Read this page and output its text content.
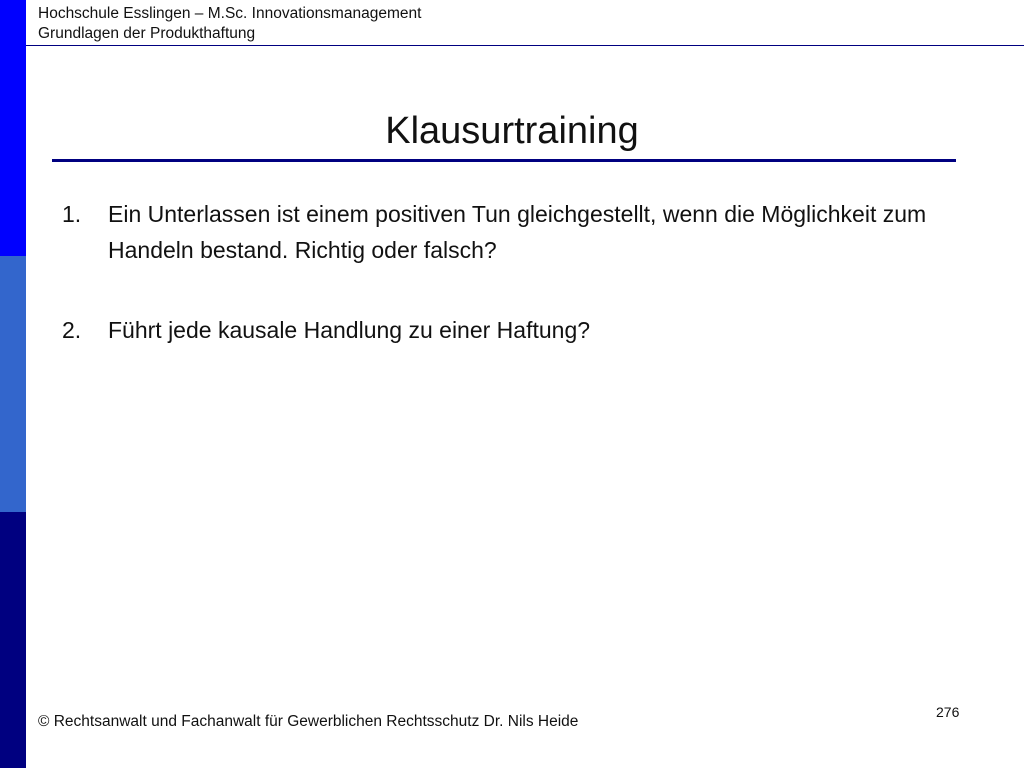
Hochschule Esslingen – M.Sc. Innovationsmanagement
Grundlagen der Produkthaftung
Klausurtraining
1. Ein Unterlassen ist einem positiven Tun gleichgestellt, wenn die Möglichkeit zum Handeln bestand. Richtig oder falsch?
2. Führt jede kausale Handlung zu einer Haftung?
© Rechtsanwalt und Fachanwalt für Gewerblichen Rechtsschutz Dr. Nils Heide
276
